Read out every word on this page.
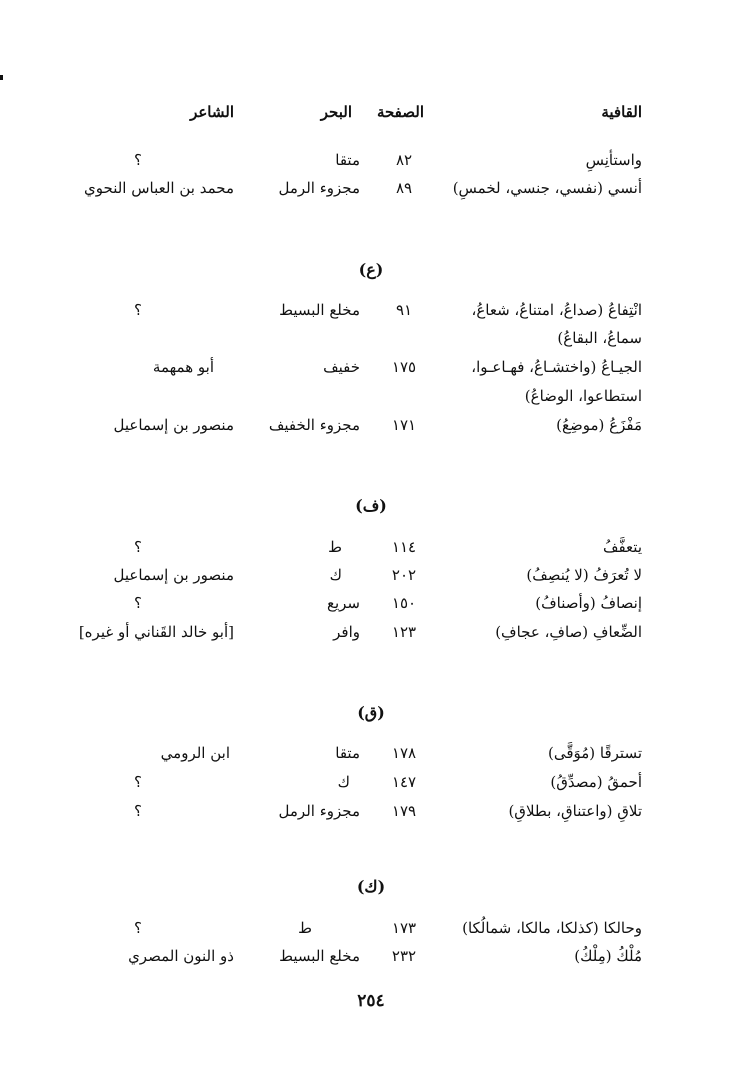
القافية
الصفحة
البحر
الشاعر
واستأنِسِ
٨٢
متقا
؟
أنسي (نفسي، جنسي، لخمسِ)
٨٩
مجزوء الرمل
محمد بن العباس النحوي
(ع)
انْتِفاعُ (صداعُ، امتناعُ، شعاعُ،
٩١
مخلع البسيط
؟
سماعُ، البقاعُ)
الجيـاعُ (واختشـاعُ، فهـاعـوا،
١٧٥
خفيف
أبو همهمة
استطاعوا، الوضاعُ)
مَفْزَعُ (موضِعُ)
١٧١
مجزوء الخفيف
منصور بن إسماعيل
(ف)
يتعفَّفُ
١١٤
ط
؟
لا تُعرَفُ (لا يُنصِفُ)
٢٠٢
ك
منصور بن إسماعيل
إنصافُ (وأصنافُ)
١٥٠
سريع
؟
الضِّعافِ (صافِ، عجافِ)
١٢٣
وافر
[أبو خالد القَناني أو غيره]
(ق)
تسترقًا (مُوَقَّى)
١٧٨
متقا
ابن الرومي
أحمقُ (مصدِّقُ)
١٤٧
ك
؟
تلاقِ (واعتناقِ، بطلاقِ)
١٧٩
مجزوء الرمل
؟
(ك)
وحالكا (كذلكا، مالكا، شمالُكا)
١٧٣
ط
؟
مُلْكُ (مِلْكُ)
٢٣٢
مخلع البسيط
ذو النون المصري
٢٥٤
